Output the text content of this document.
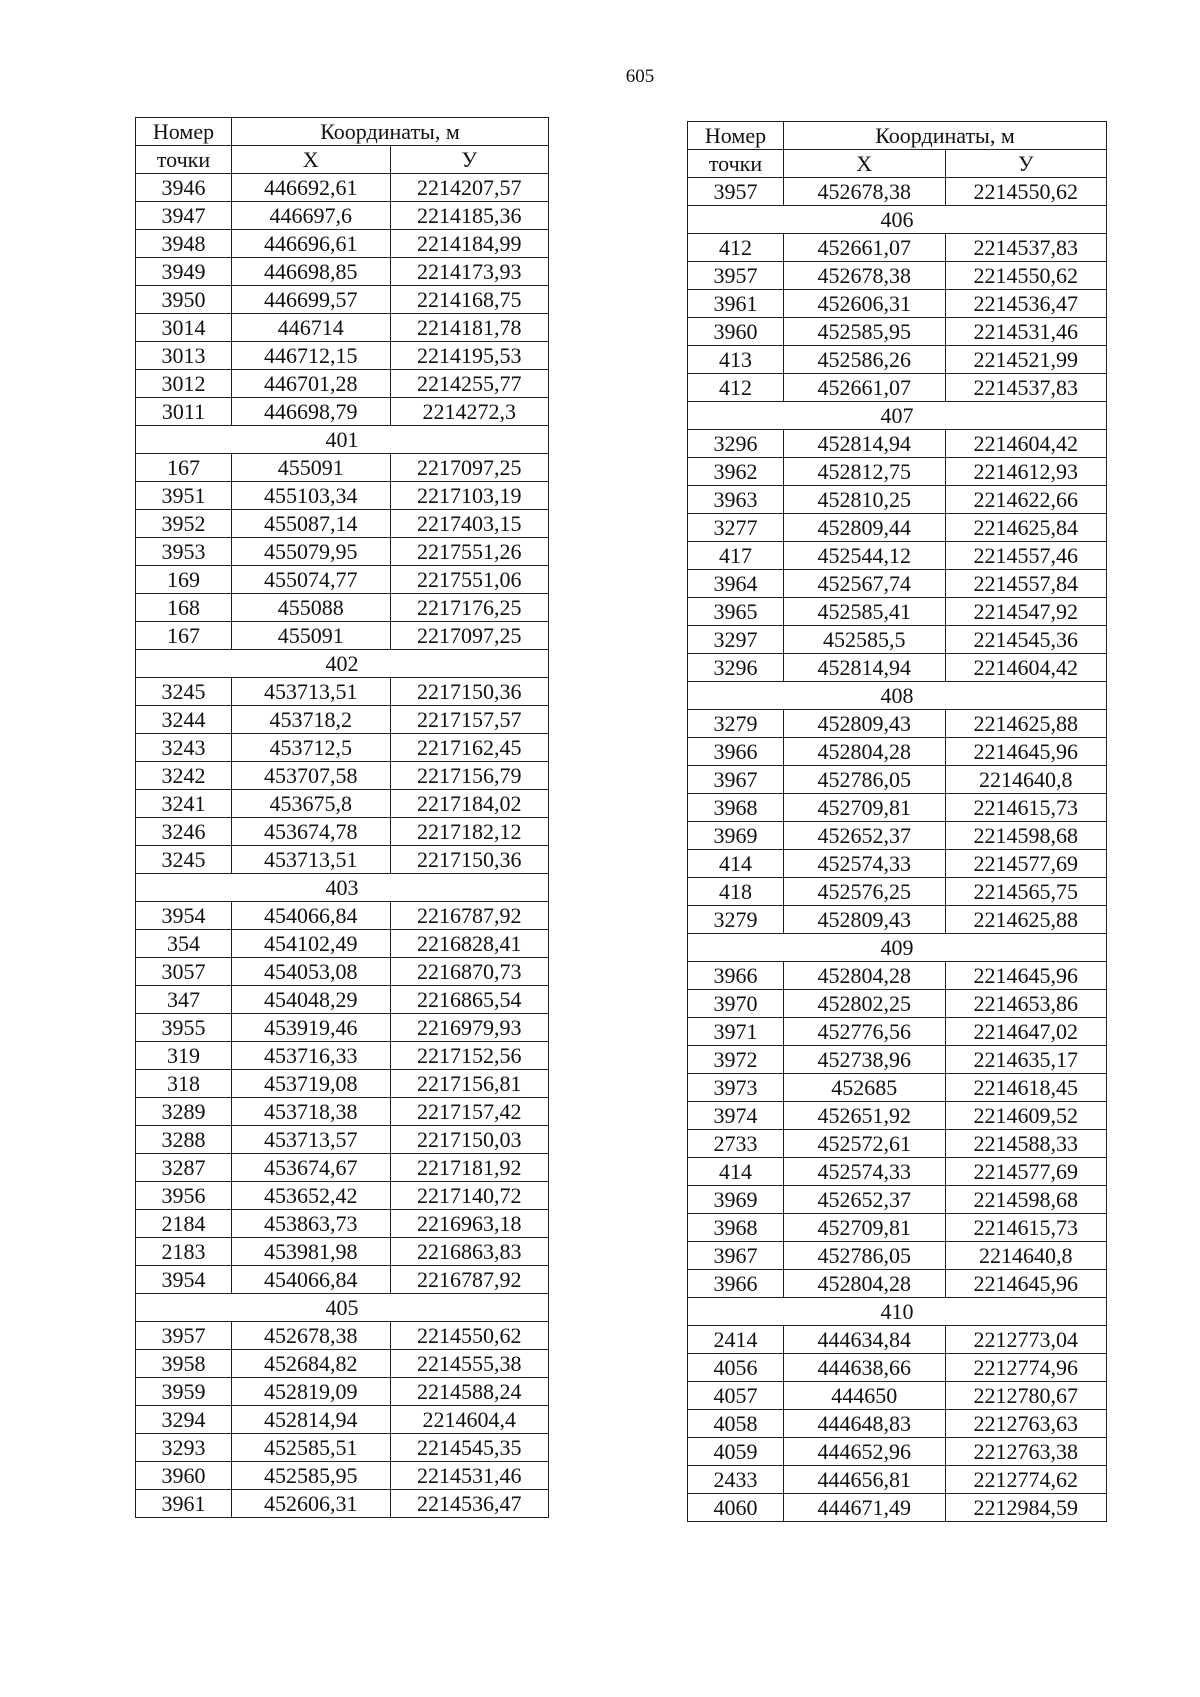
605
Номер	Координаты, м	
точки	Х	У
3946	446692,61	2214207,57
3947	446697,6	2214185,36
3948	446696,61	2214184,99
3949	446698,85	2214173,93
3950	446699,57	2214168,75
3014	446714	2214181,78
3013	446712,15	2214195,53
3012	446701,28	2214255,77
3011	446698,79	2214272,3
401		
167	455091	2217097,25
3951	455103,34	2217103,19
3952	455087,14	2217403,15
3953	455079,95	2217551,26
169	455074,77	2217551,06
168	455088	2217176,25
167	455091	2217097,25
402		
3245	453713,51	2217150,36
3244	453718,2	2217157,57
3243	453712,5	2217162,45
3242	453707,58	2217156,79
3241	453675,8	2217184,02
3246	453674,78	2217182,12
3245	453713,51	2217150,36
403		
3954	454066,84	2216787,92
354	454102,49	2216828,41
3057	454053,08	2216870,73
347	454048,29	2216865,54
3955	453919,46	2216979,93
319	453716,33	2217152,56
318	453719,08	2217156,81
3289	453718,38	2217157,42
3288	453713,57	2217150,03
3287	453674,67	2217181,92
3956	453652,42	2217140,72
2184	453863,73	2216963,18
2183	453981,98	2216863,83
3954	454066,84	2216787,92
405		
3957	452678,38	2214550,62
3958	452684,82	2214555,38
3959	452819,09	2214588,24
3294	452814,94	2214604,4
3293	452585,51	2214545,35
3960	452585,95	2214531,46
3961	452606,31	2214536,47
Номер	Координаты, м	
точки	Х	У
3957	452678,38	2214550,62
406		
412	452661,07	2214537,83
3957	452678,38	2214550,62
3961	452606,31	2214536,47
3960	452585,95	2214531,46
413	452586,26	2214521,99
412	452661,07	2214537,83
407		
3296	452814,94	2214604,42
3962	452812,75	2214612,93
3963	452810,25	2214622,66
3277	452809,44	2214625,84
417	452544,12	2214557,46
3964	452567,74	2214557,84
3965	452585,41	2214547,92
3297	452585,5	2214545,36
3296	452814,94	2214604,42
408		
3279	452809,43	2214625,88
3966	452804,28	2214645,96
3967	452786,05	2214640,8
3968	452709,81	2214615,73
3969	452652,37	2214598,68
414	452574,33	2214577,69
418	452576,25	2214565,75
3279	452809,43	2214625,88
409		
3966	452804,28	2214645,96
3970	452802,25	2214653,86
3971	452776,56	2214647,02
3972	452738,96	2214635,17
3973	452685	2214618,45
3974	452651,92	2214609,52
2733	452572,61	2214588,33
414	452574,33	2214577,69
3969	452652,37	2214598,68
3968	452709,81	2214615,73
3967	452786,05	2214640,8
3966	452804,28	2214645,96
410		
2414	444634,84	2212773,04
4056	444638,66	2212774,96
4057	444650	2212780,67
4058	444648,83	2212763,63
4059	444652,96	2212763,38
2433	444656,81	2212774,62
4060	444671,49	2212984,59
